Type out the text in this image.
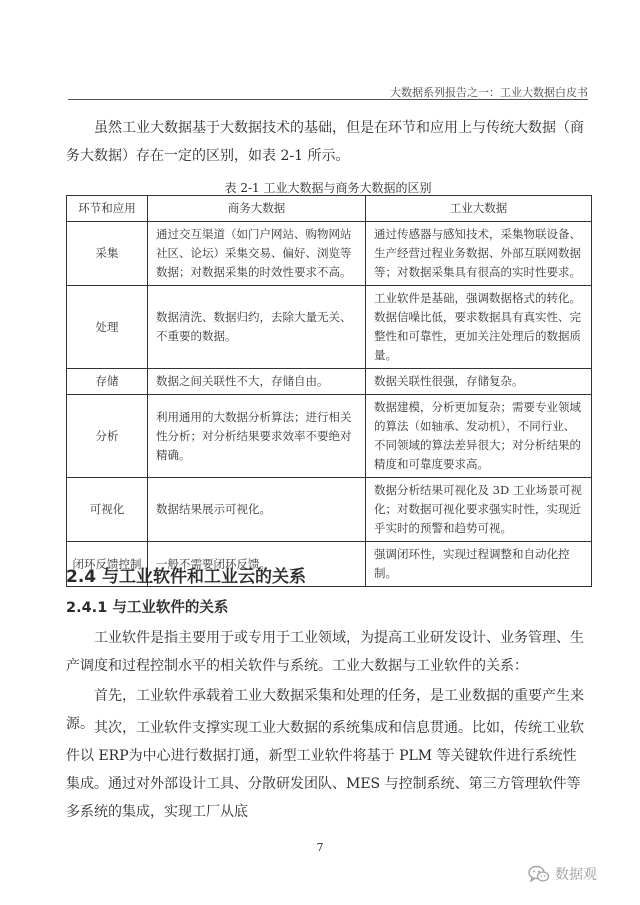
大数据系列报告之一：工业大数据白皮书

虽然工业大数据基于大数据技术的基础，但是在环节和应用上与传统大数据（商务大数据）存在一定的区别，如表 2-1 所示。

表 2-1 工业大数据与商务大数据的区别
环节和应用	商务大数据	工业大数据
采集	通过交互渠道（如门户网站、购物网站社区、论坛）采集交易、偏好、浏览等数据；对数据采集的时效性要求不高。	通过传感器与感知技术，采集物联设备、生产经营过程业务数据、外部互联网数据等；对数据采集具有很高的实时性要求。
处理	数据清洗、数据归约，去除大量无关、不重要的数据。	工业软件是基础，强调数据格式的转化。数据信噪比低，要求数据具有真实性、完整性和可靠性，更加关注处理后的数据质量。
存储	数据之间关联性不大，存储自由。	数据关联性很强，存储复杂。
分析	利用通用的大数据分析算法；进行相关性分析；对分析结果要求效率不要绝对精确。	数据建模，分析更加复杂；需要专业领域的算法（如轴承、发动机），不同行业、不同领域的算法差异很大；对分析结果的精度和可靠度要求高。
可视化	数据结果展示可视化。	数据分析结果可视化及 3D 工业场景可视化；对数据可视化要求强实时性，实现近乎实时的预警和趋势可视。
闭环反馈控制	一般不需要闭环反馈。	强调闭环性，实现过程调整和自动化控制。
2.4 与工业软件和工业云的关系
2.4.1 与工业软件的关系

工业软件是指主要用于或专用于工业领域，为提高工业研发设计、业务管理、生产调度和过程控制水平的相关软件与系统。工业大数据与工业软件的关系：

首先，工业软件承载着工业大数据采集和处理的任务，是工业数据的重要产生来源。 其次，工业软件支撑实现工业大数据的系统集成和信息贯通。比如，传统工业软件以 ERP为中心进行数据打通，新型工业软件将基于 PLM 等关键软件进行系统性集成。通过对外部设计工具、分散研发团队、MES 与控制系统、第三方管理软件等多系统的集成，实现工厂从底

7
数据观
